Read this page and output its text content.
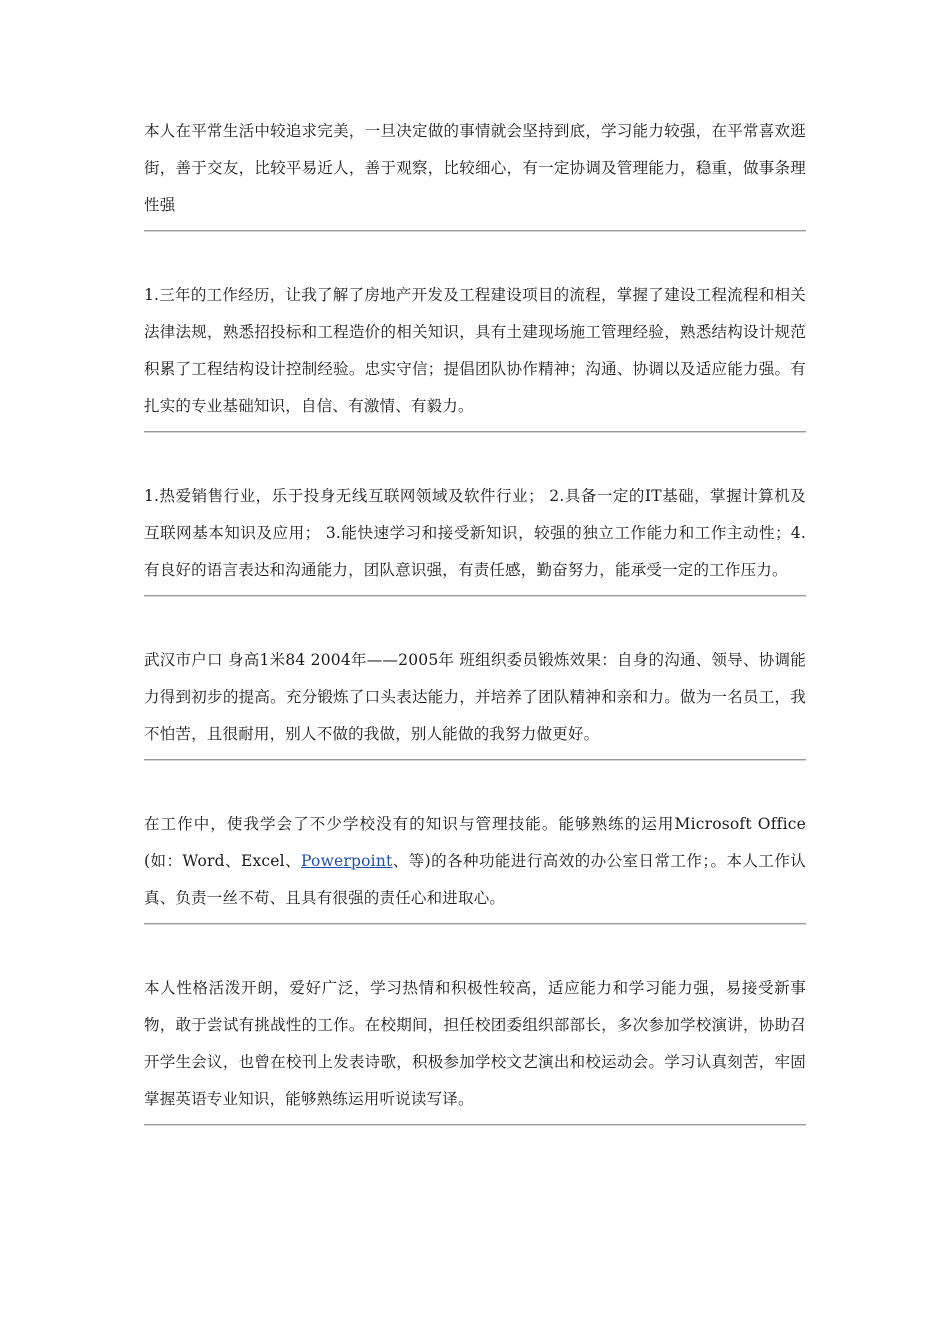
本人在平常生活中较追求完美，一旦决定做的事情就会坚持到底，学习能力较强，在平常喜欢逛街，善于交友，比较平易近人，善于观察，比较细心，有一定协调及管理能力，稳重，做事条理性强

1.三年的工作经历，让我了解了房地产开发及工程建设项目的流程，掌握了建设工程流程和相关法律法规，熟悉招投标和工程造价的相关知识，具有土建现场施工管理经验，熟悉结构设计规范积累了工程结构设计控制经验。忠实守信；提倡团队协作精神；沟通、协调以及适应能力强。有扎实的专业基础知识，自信、有激情、有毅力。

1.热爱销售行业，乐于投身无线互联网领域及软件行业； 2.具备一定的IT基础，掌握计算机及互联网基本知识及应用； 3.能快速学习和接受新知识，较强的独立工作能力和工作主动性；4.有良好的语言表达和沟通能力，团队意识强，有责任感，勤奋努力，能承受一定的工作压力。

武汉市户口 身高1米84 2004年——2005年 班组织委员锻炼效果：自身的沟通、领导、协调能力得到初步的提高。充分锻炼了口头表达能力，并培养了团队精神和亲和力。做为一名员工，我不怕苦，且很耐用，别人不做的我做，别人能做的我努力做更好。

在工作中，使我学会了不少学校没有的知识与管理技能。能够熟练的运用Microsoft Office(如：Word、Excel、Powerpoint、等)的各种功能进行高效的办公室日常工作；。本人工作认真、负责一丝不苟、且具有很强的责任心和进取心。

本人性格活泼开朗，爱好广泛，学习热情和积极性较高，适应能力和学习能力强，易接受新事物，敢于尝试有挑战性的工作。在校期间，担任校团委组织部部长，多次参加学校演讲，协助召开学生会议，也曾在校刊上发表诗歌，积极参加学校文艺演出和校运动会。学习认真刻苦，牢固掌握英语专业知识，能够熟练运用听说读写译。
